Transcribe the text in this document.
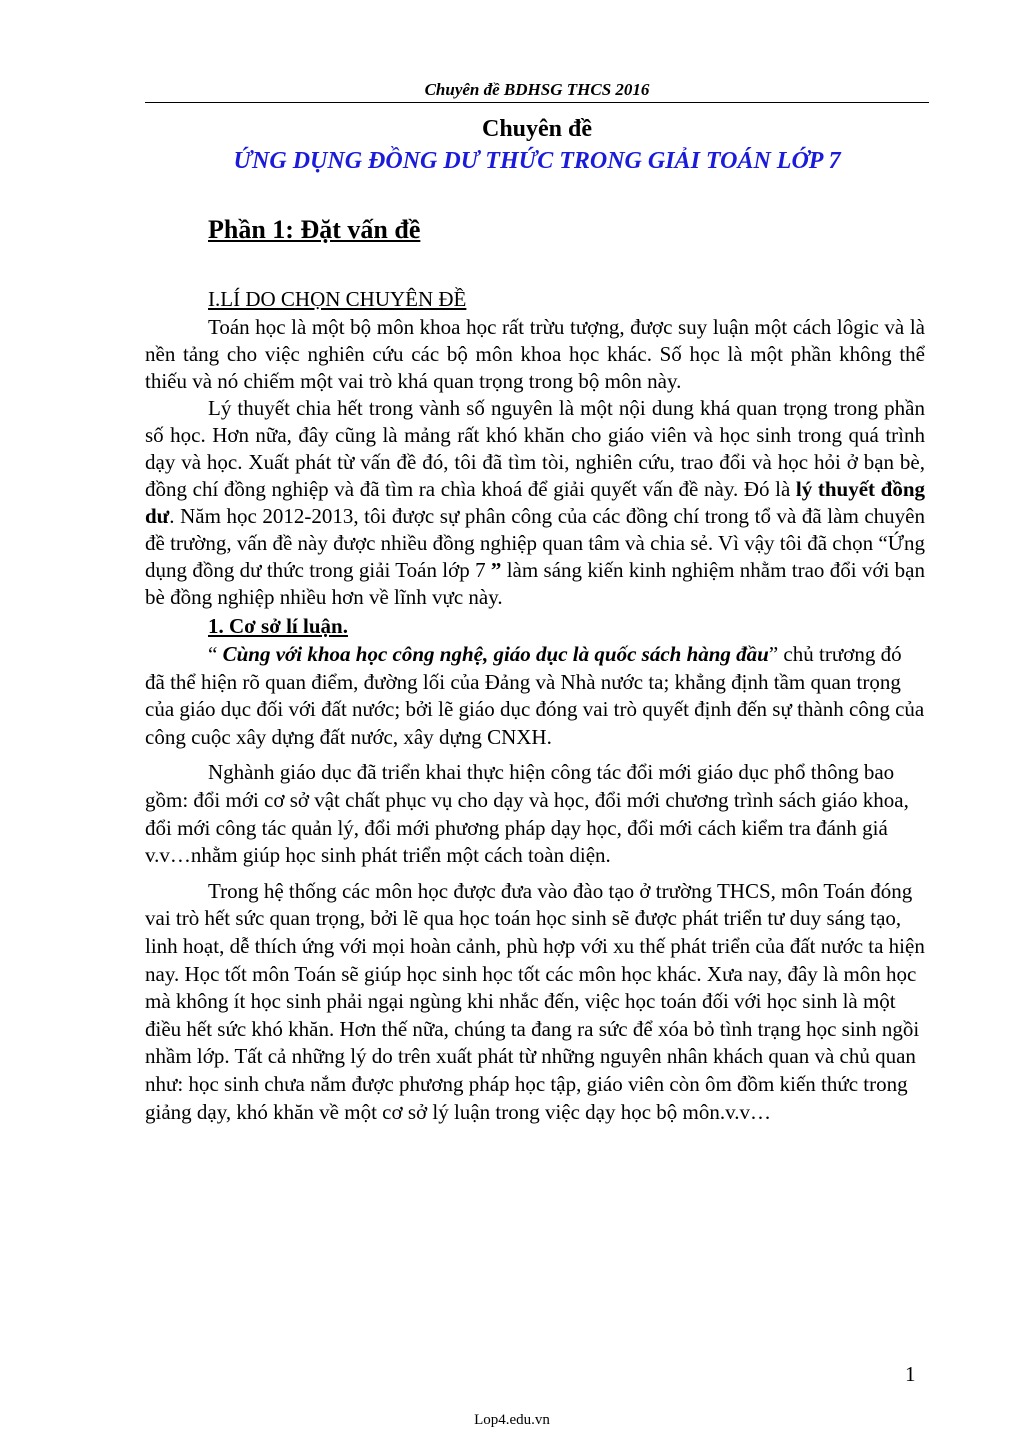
Chuyên đề BDHSG THCS 2016
Chuyên đề
ỨNG DỤNG ĐỒNG DƯ THỨC TRONG GIẢI TOÁN LỚP 7
Phần 1: Đặt vấn đề

I.LÍ DO CHỌN CHUYÊN ĐỀ

Toán học là một bộ môn khoa học rất trừu tượng, được suy luận một cách lôgic và là nền tảng cho việc nghiên cứu các bộ môn khoa học khác. Số học là một phần không thể thiếu và nó chiếm một vai trò khá quan trọng trong bộ môn này.

Lý thuyết chia hết trong vành số nguyên là một nội dung khá quan trọng trong phần số học. Hơn nữa, đây cũng là mảng rất khó khăn cho giáo viên và học sinh trong quá trình dạy và học. Xuất phát từ vấn đề đó, tôi đã tìm tòi, nghiên cứu, trao đổi và học hỏi ở bạn bè, đồng chí đồng nghiệp và đã tìm ra chìa khoá để giải quyết vấn đề này. Đó là lý thuyết đồng dư. Năm học 2012-2013, tôi được sự phân công của các đồng chí trong tổ và đã làm chuyên đề trường, vấn đề này được nhiều đồng nghiệp quan tâm và chia sẻ. Vì vậy tôi đã chọn “Ứng dụng đồng dư thức trong giải Toán lớp 7 ” làm sáng kiến kinh nghiệm nhằm trao đổi với bạn bè đồng nghiệp nhiều hơn về lĩnh vực này.

1. Cơ sở lí luận.

“ Cùng với khoa học công nghệ, giáo dục là quốc sách hàng đầu” chủ trương đó đã thể hiện rõ quan điểm, đường lối của Đảng và Nhà nước ta; khẳng định tầm quan trọng của giáo dục đối với đất nước; bởi lẽ giáo dục đóng vai trò quyết định đến sự thành công của công cuộc xây dựng đất nước, xây dựng CNXH.

Nghành giáo dục đã triển khai thực hiện công tác đổi mới giáo dục phổ thông bao gồm: đổi mới cơ sở vật chất phục vụ cho dạy và học, đổi mới chương trình sách giáo khoa, đổi mới công tác quản lý, đổi mới phương pháp dạy học, đổi mới cách kiểm tra đánh giá v.v…nhằm giúp học sinh phát triển một cách toàn diện.

Trong hệ thống các môn học được đưa vào đào tạo ở trường THCS, môn Toán đóng vai trò hết sức quan trọng, bởi lẽ qua học toán học sinh sẽ được phát triển tư duy sáng tạo, linh hoạt, dễ thích ứng với mọi hoàn cảnh, phù hợp với xu thế phát triển của đất nước ta hiện nay. Học tốt môn Toán sẽ giúp học sinh học tốt các môn học khác. Xưa nay, đây là môn học mà không ít học sinh phải ngại ngùng khi nhắc đến, việc học toán đối với học sinh là một điều hết sức khó khăn. Hơn thế nữa, chúng ta đang ra sức để xóa bỏ tình trạng học sinh ngồi nhầm lớp. Tất cả những lý do trên xuất phát từ những nguyên nhân khách quan và chủ quan như: học sinh chưa nắm được phương pháp học tập, giáo viên còn ôm đồm kiến thức trong giảng dạy, khó khăn về một cơ sở lý luận trong việc dạy học bộ môn.v.v…

1
Lop4.edu.vn
